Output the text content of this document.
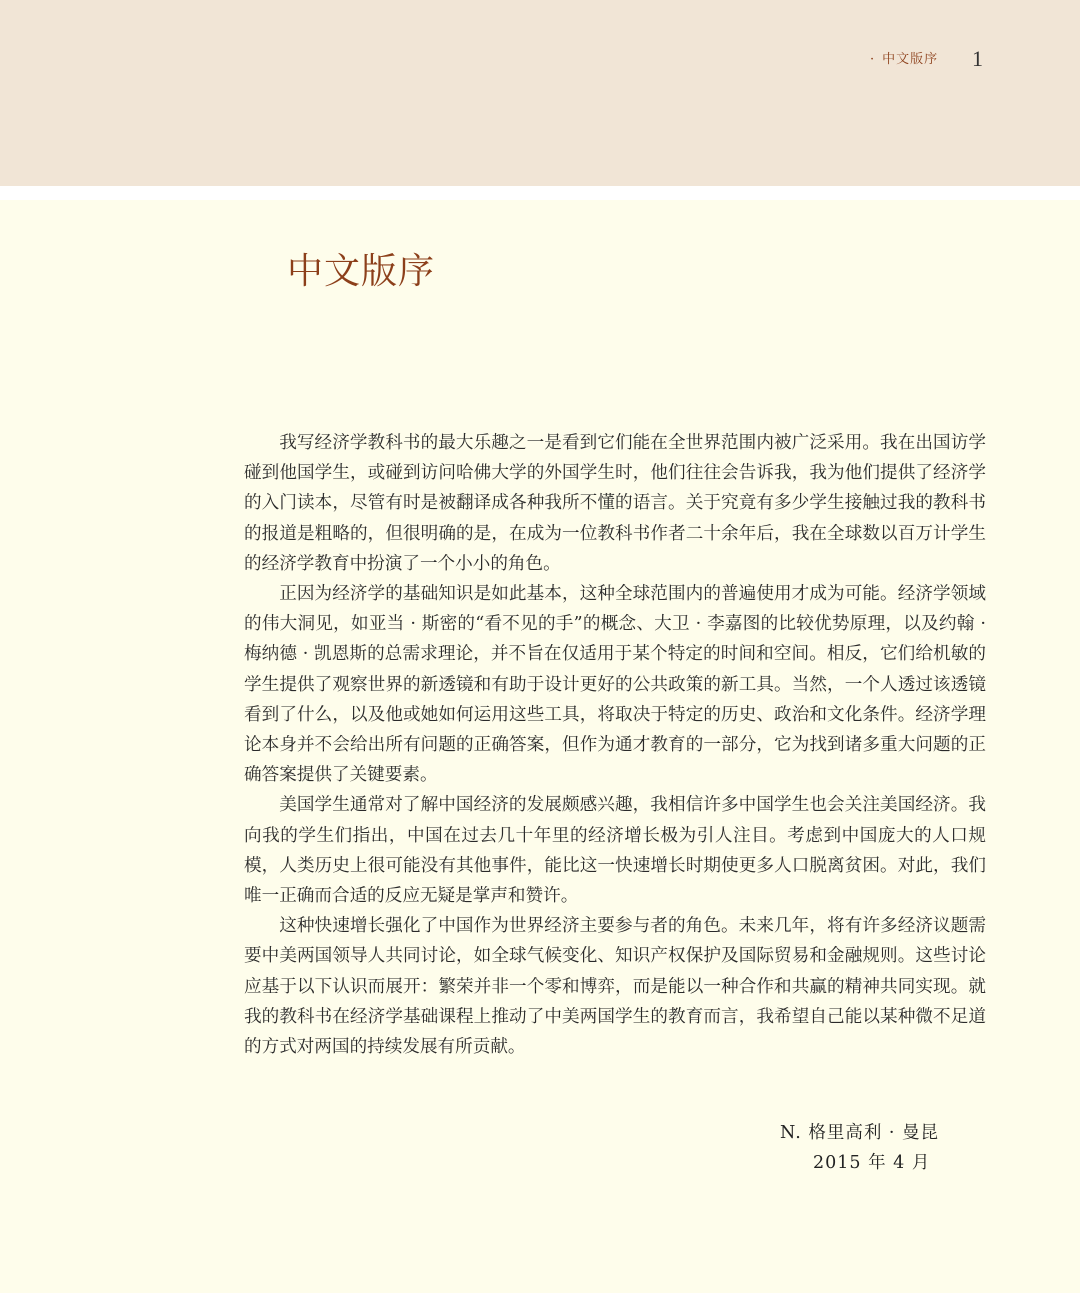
· 中文版序 1
中文版序

我写经济学教科书的最大乐趣之一是看到它们能在全世界范围内被广泛采用。我在出国访学碰到他国学生，或碰到访问哈佛大学的外国学生时，他们往往会告诉我，我为他们提供了经济学的入门读本，尽管有时是被翻译成各种我所不懂的语言。关于究竟有多少学生接触过我的教科书的报道是粗略的，但很明确的是，在成为一位教科书作者二十余年后，我在全球数以百万计学生的经济学教育中扮演了一个小小的角色。

正因为经济学的基础知识是如此基本，这种全球范围内的普遍使用才成为可能。经济学领域的伟大洞见，如亚当 · 斯密的“看不见的手”的概念、大卫 · 李嘉图的比较优势原理，以及约翰 · 梅纳德 · 凯恩斯的总需求理论，并不旨在仅适用于某个特定的时间和空间。相反，它们给机敏的学生提供了观察世界的新透镜和有助于设计更好的公共政策的新工具。当然，一个人透过该透镜看到了什么，以及他或她如何运用这些工具，将取决于特定的历史、政治和文化条件。经济学理论本身并不会给出所有问题的正确答案，但作为通才教育的一部分，它为找到诸多重大问题的正确答案提供了关键要素。

美国学生通常对了解中国经济的发展颇感兴趣，我相信许多中国学生也会关注美国经济。我向我的学生们指出，中国在过去几十年里的经济增长极为引人注目。考虑到中国庞大的人口规模，人类历史上很可能没有其他事件，能比这一快速增长时期使更多人口脱离贫困。对此，我们唯一正确而合适的反应无疑是掌声和赞许。

这种快速增长强化了中国作为世界经济主要参与者的角色。未来几年，将有许多经济议题需要中美两国领导人共同讨论，如全球气候变化、知识产权保护及国际贸易和金融规则。这些讨论应基于以下认识而展开：繁荣并非一个零和博弈，而是能以一种合作和共赢的精神共同实现。就我的教科书在经济学基础课程上推动了中美两国学生的教育而言，我希望自己能以某种微不足道的方式对两国的持续发展有所贡献。

N. 格里高利 · 曼昆

2015 年 4 月
